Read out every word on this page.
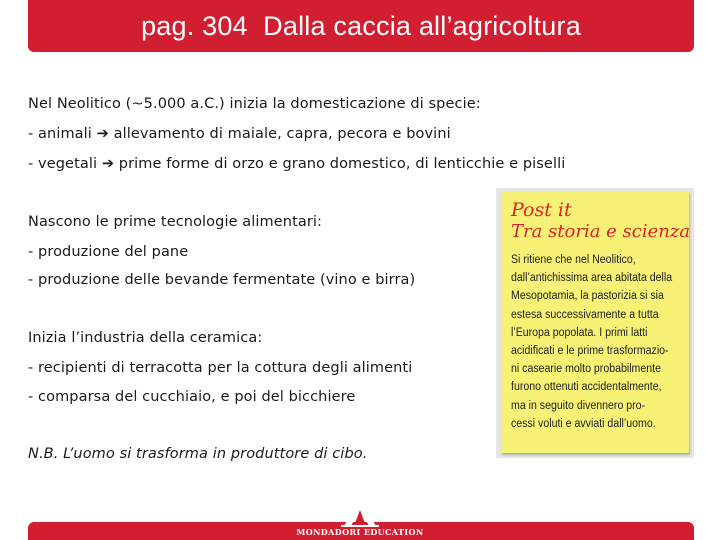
pag. 304  Dalla caccia all’agricoltura
Nel Neolitico (~5.000 a.C.) inizia la domesticazione di specie:
- animali ➔ allevamento di maiale, capra, pecora e bovini
- vegetali ➔ prime forme di orzo e grano domestico, di lenticchie e piselli
Nascono le prime tecnologie alimentari:
- produzione del pane
- produzione delle bevande fermentate (vino e birra)
Inizia l’industria della ceramica:
- recipienti di terracotta per la cottura degli alimenti
- comparsa del cucchiaio, e poi del bicchiere
N.B. L’uomo si trasforma in produttore di cibo.
Post it
Tra storia e scienza
Si ritiene che nel Neolitico,
dall’antichissima area abitata della
Mesopotamia, la pastorizia si sia
estesa successivamente a tutta
l’Europa popolata. I primi latti
acidificati e le prime trasformazio-
ni casearie molto probabilmente
furono ottenuti accidentalmente,
ma in seguito divennero pro-
cessi voluti e avviati dall’uomo.
MONDADORI EDUCATION
